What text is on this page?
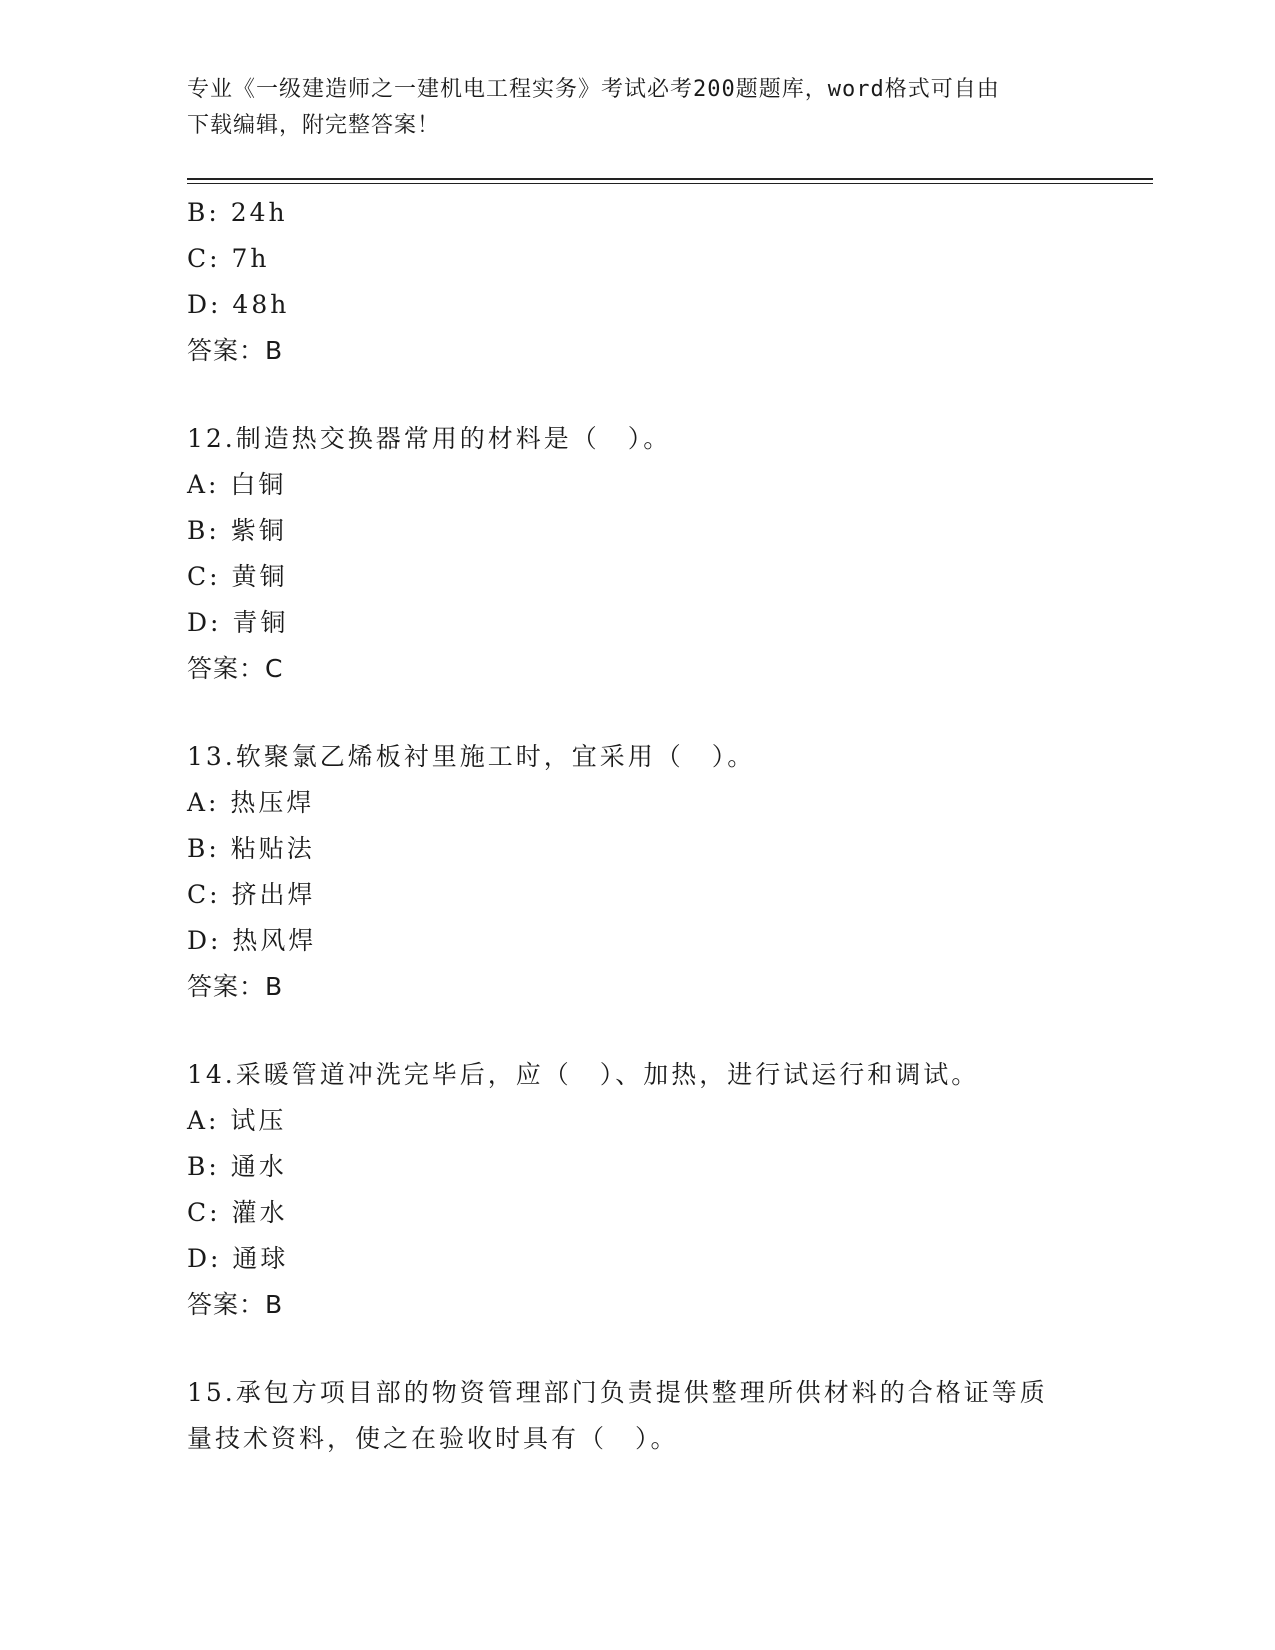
专业《一级建造师之一建机电工程实务》考试必考200题题库，word格式可自由
下载编辑，附完整答案！
B: 24h
C: 7h
D: 48h
答案：B
12.制造热交换器常用的材料是（　）。
A: 白铜
B: 紫铜
C: 黄铜
D: 青铜
答案：C
13.软聚氯乙烯板衬里施工时，宜采用（　）。
A: 热压焊
B: 粘贴法
C: 挤出焊
D: 热风焊
答案：B
14.采暖管道冲洗完毕后，应（　）、加热，进行试运行和调试。
A: 试压
B: 通水
C: 灌水
D: 通球
答案：B
15.承包方项目部的物资管理部门负责提供整理所供材料的合格证等质
量技术资料，使之在验收时具有（　）。
